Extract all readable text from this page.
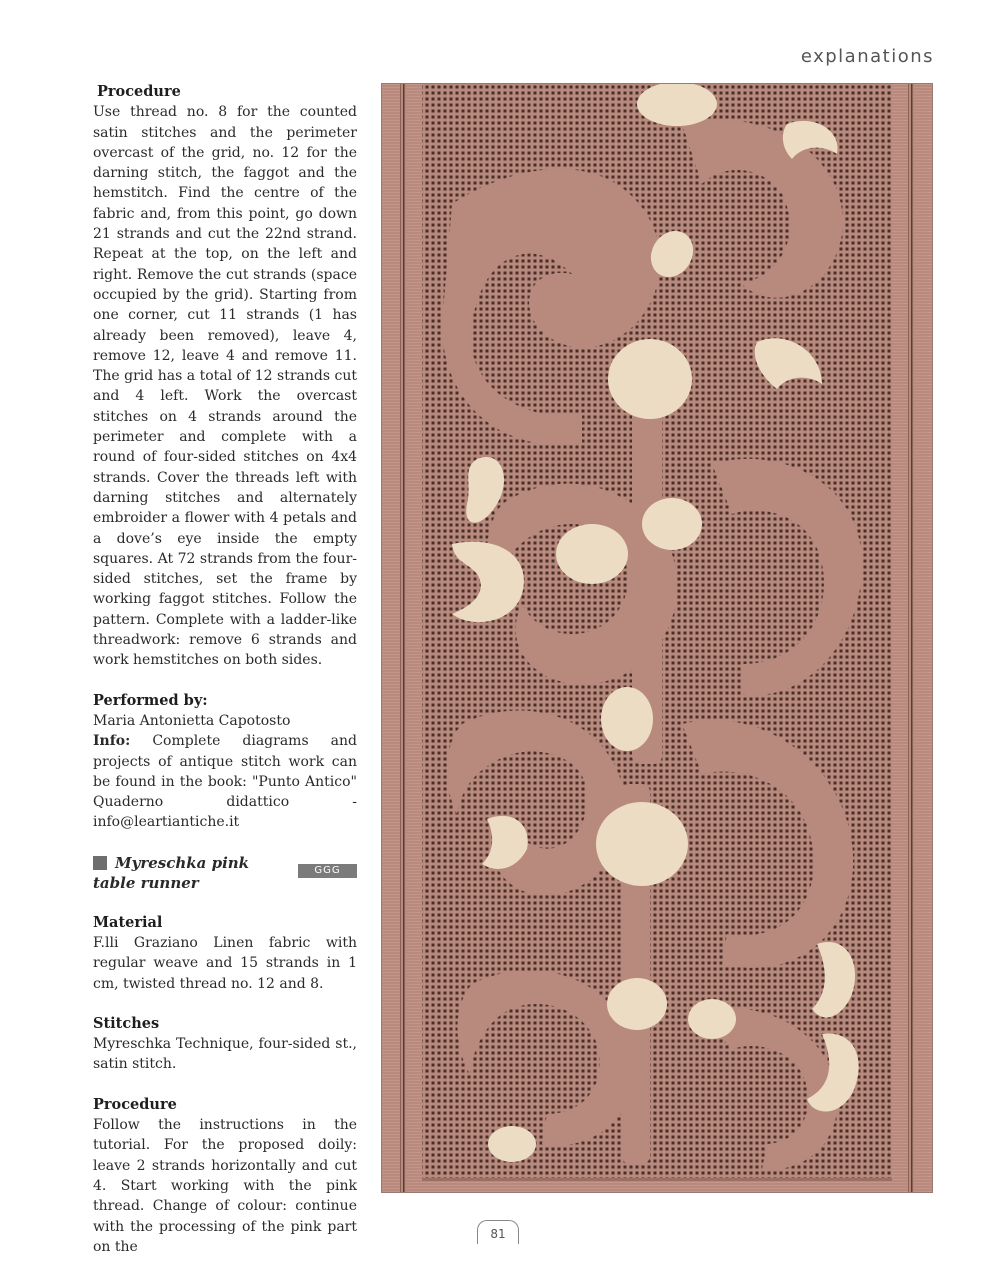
explanations
Procedure

Use thread no. 8 for the counted satin stitches and the perimeter overcast of the grid, no. 12 for the darning stitch, the faggot and the hemstitch. Find the centre of the fabric and, from this point, go down 21 strands and cut the 22nd strand. Repeat at the top, on the left and right. Remove the cut strands (space occupied by the grid). Starting from one corner, cut 11 strands (1 has already been removed), leave 4, remove 12, leave 4 and remove 11. The grid has a total of 12 strands cut and 4 left. Work the overcast stitches on 4 strands around the perimeter and complete with a round of four-sided stitches on 4x4 strands. Cover the threads left with darning stitches and alternately embroider a flower with 4 petals and a dove’s eye inside the empty squares. At 72 strands from the four-sided stitches, set the frame by working faggot stitches. Follow the pattern. Complete with a ladder-like threadwork: remove 6 strands and work hemstitches on both sides.

Performed by:

Maria Antonietta Capotosto

Info: Complete diagrams and projects of antique stitch work can be found in the book: "Punto Antico" Quaderno didattico - info@leartiantiche.it

Myreschka pink
table runner
GGG
Material

F.lli Graziano Linen fabric with regular weave and 15 strands in 1 cm, twisted thread no. 12 and 8.

Stitches

Myreschka Technique, four-sided st., satin stitch.

Procedure

Follow the instructions in the tutorial. For the proposed doily: leave 2 strands horizontally and cut 4. Start working with the pink thread. Change of colour: continue with the processing of the pink part on the

81
